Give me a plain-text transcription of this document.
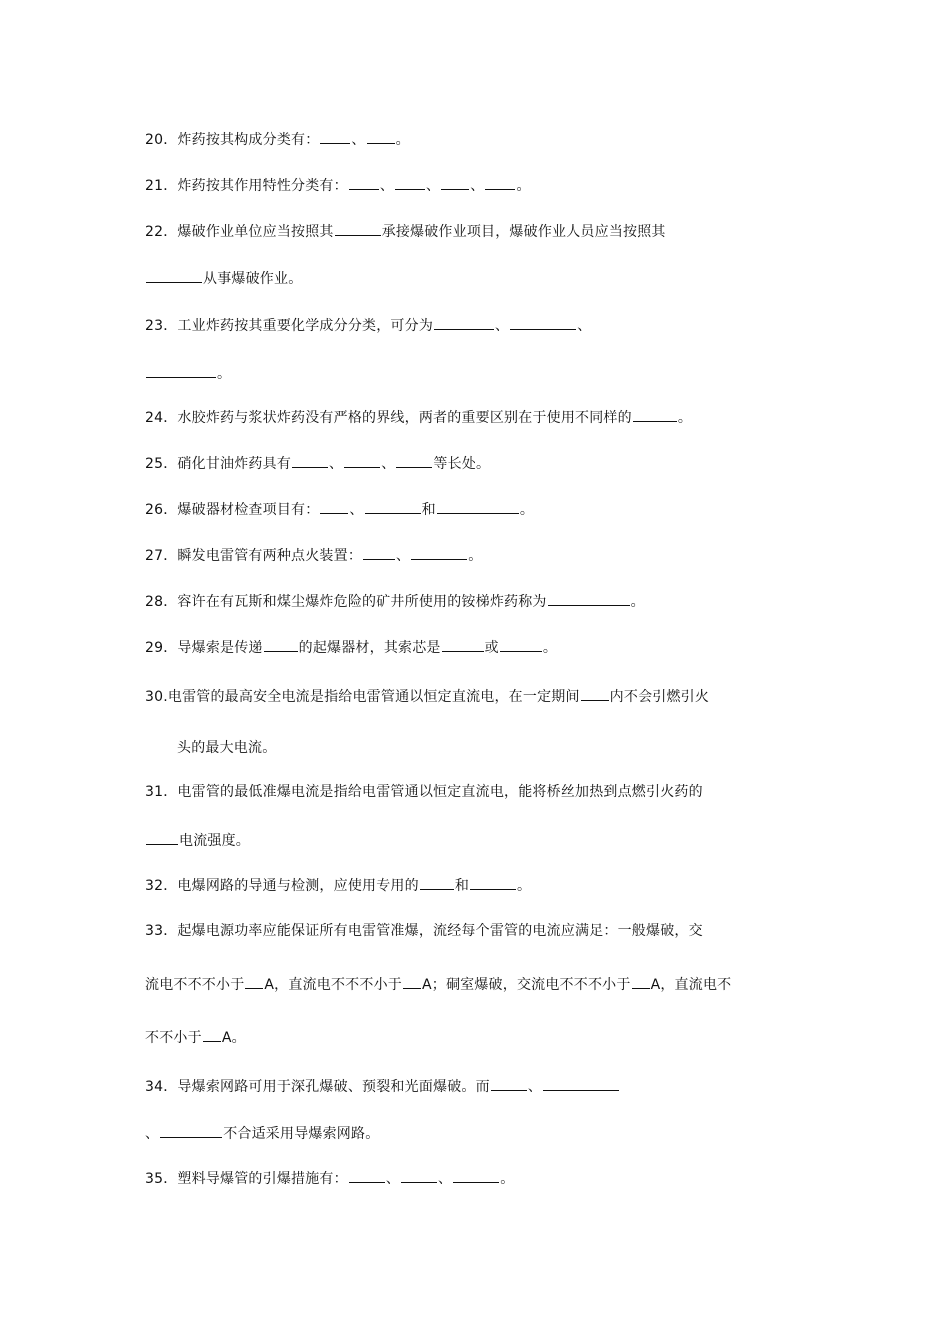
20．炸药按其构成分类有： 、 。
21．炸药按其作用特性分类有： 、 、 、 。
22．爆破作业单位应当按照其	承接爆破作业项目，爆破作业人员应当按照其
从事爆破作业。
23．工业炸药按其重要化学成分分类，可分为	、	、
。
24．水胶炸药与浆状炸药没有严格的界线，两者的重要区别在于使用不同样的	。
25．硝化甘油炸药具有	、	、	等长处。
26．爆破器材检查项目有： 、	和	。
27．瞬发电雷管有两种点火装置： 、	。
28．容许在有瓦斯和煤尘爆炸危险的矿井所使用的铵梯炸药称为	。
29．导爆索是传递	的起爆器材，其索芯是	或	。
30.电雷管的最高安全电流是指给电雷管通以恒定直流电，在一定期间 内不会引燃引火
头的最大电流。
31．电雷管的最低准爆电流是指给电雷管通以恒定直流电，能将桥丝加热到点燃引火药的
电流强度。
32．电爆网路的导通与检测，应使用专用的	和	。
33．起爆电源功率应能保证所有电雷管准爆，流经每个雷管的电流应满足：一般爆破，交
流电不不不小于 A，直流电不不不小于 A；硐室爆破，交流电不不不小于 A，直流电不
不不小于 A。
34．导爆索网路可用于深孔爆破、预裂和光面爆破。而	、
、	不合适采用导爆索网路。
35．塑料导爆管的引爆措施有：	、	、	。
